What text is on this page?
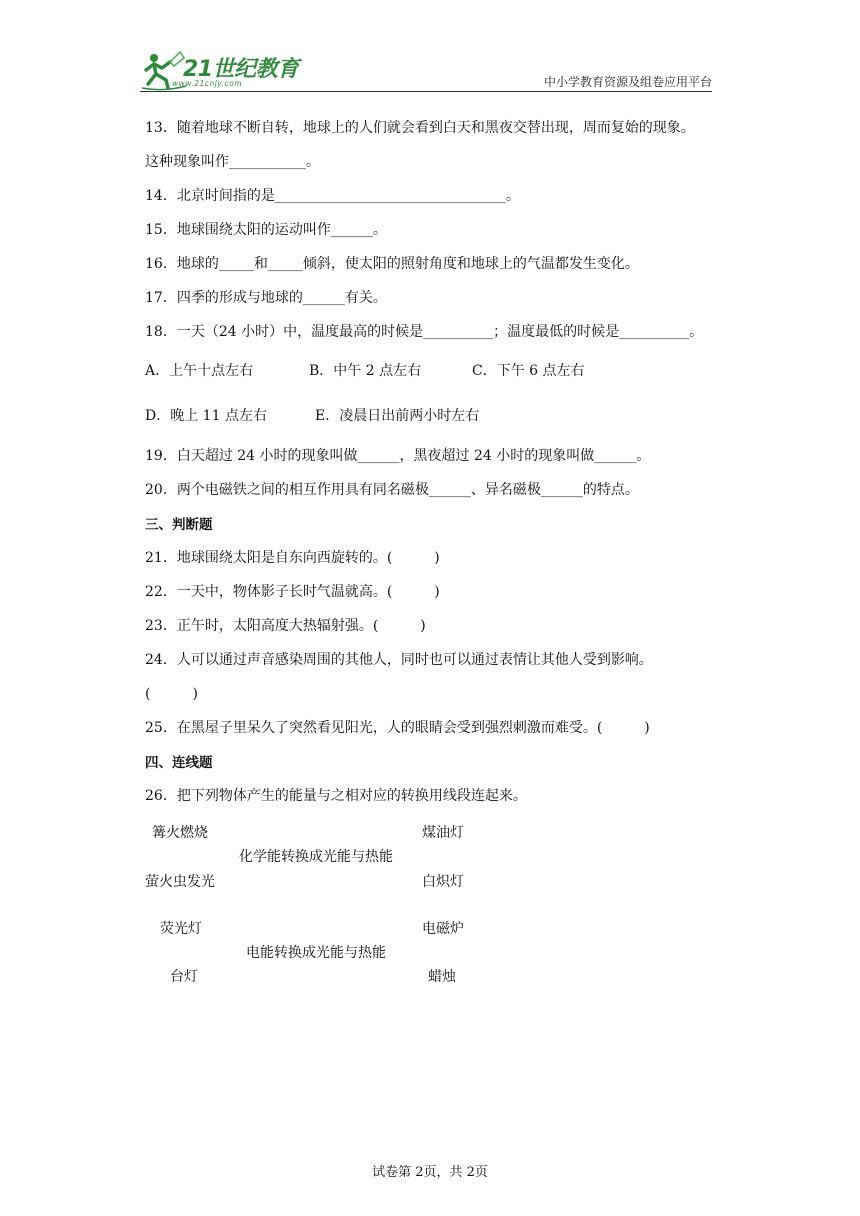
21世纪教育
www.21cnjy.com	中小学教育资源及组卷应用平台
13．随着地球不断自转，地球上的人们就会看到白天和黑夜交替出现，周而复始的现象。
这种现象叫作___________。
14．北京时间指的是_________________________________。
15．地球围绕太阳的运动叫作______。
16．地球的_____和_____倾斜，使太阳的照射角度和地球上的气温都发生变化。
17．四季的形成与地球的______有关。
18．一天（24 小时）中，温度最高的时候是__________；温度最低的时候是__________。
A．上午十点左右	B．中午 2 点左右	C．下午 6 点左右
D．晚上 11 点左右	E．凌晨日出前两小时左右
19．白天超过 24 小时的现象叫做______，黑夜超过 24 小时的现象叫做______。
20．两个电磁铁之间的相互作用具有同名磁极______、异名磁极______的特点。
三、判断题
21．地球围绕太阳是自东向西旋转的。(　　　)
22．一天中，物体影子长时气温就高。(　　　)
23．正午时，太阳高度大热辐射强。(　　　)
24．人可以通过声音感染周围的其他人，同时也可以通过表情让其他人受到影响。
(　　　)
25．在黑屋子里呆久了突然看见阳光，人的眼睛会受到强烈刺激而难受。(　　　)
四、连线题
26．把下列物体产生的能量与之相对应的转换用线段连起来。
篝火燃烧
萤火虫发光
荧光灯
台灯
化学能转换成光能与热能
电能转换成光能与热能
煤油灯
白炽灯
电磁炉
蜡烛
试卷第 2页，共 2页
